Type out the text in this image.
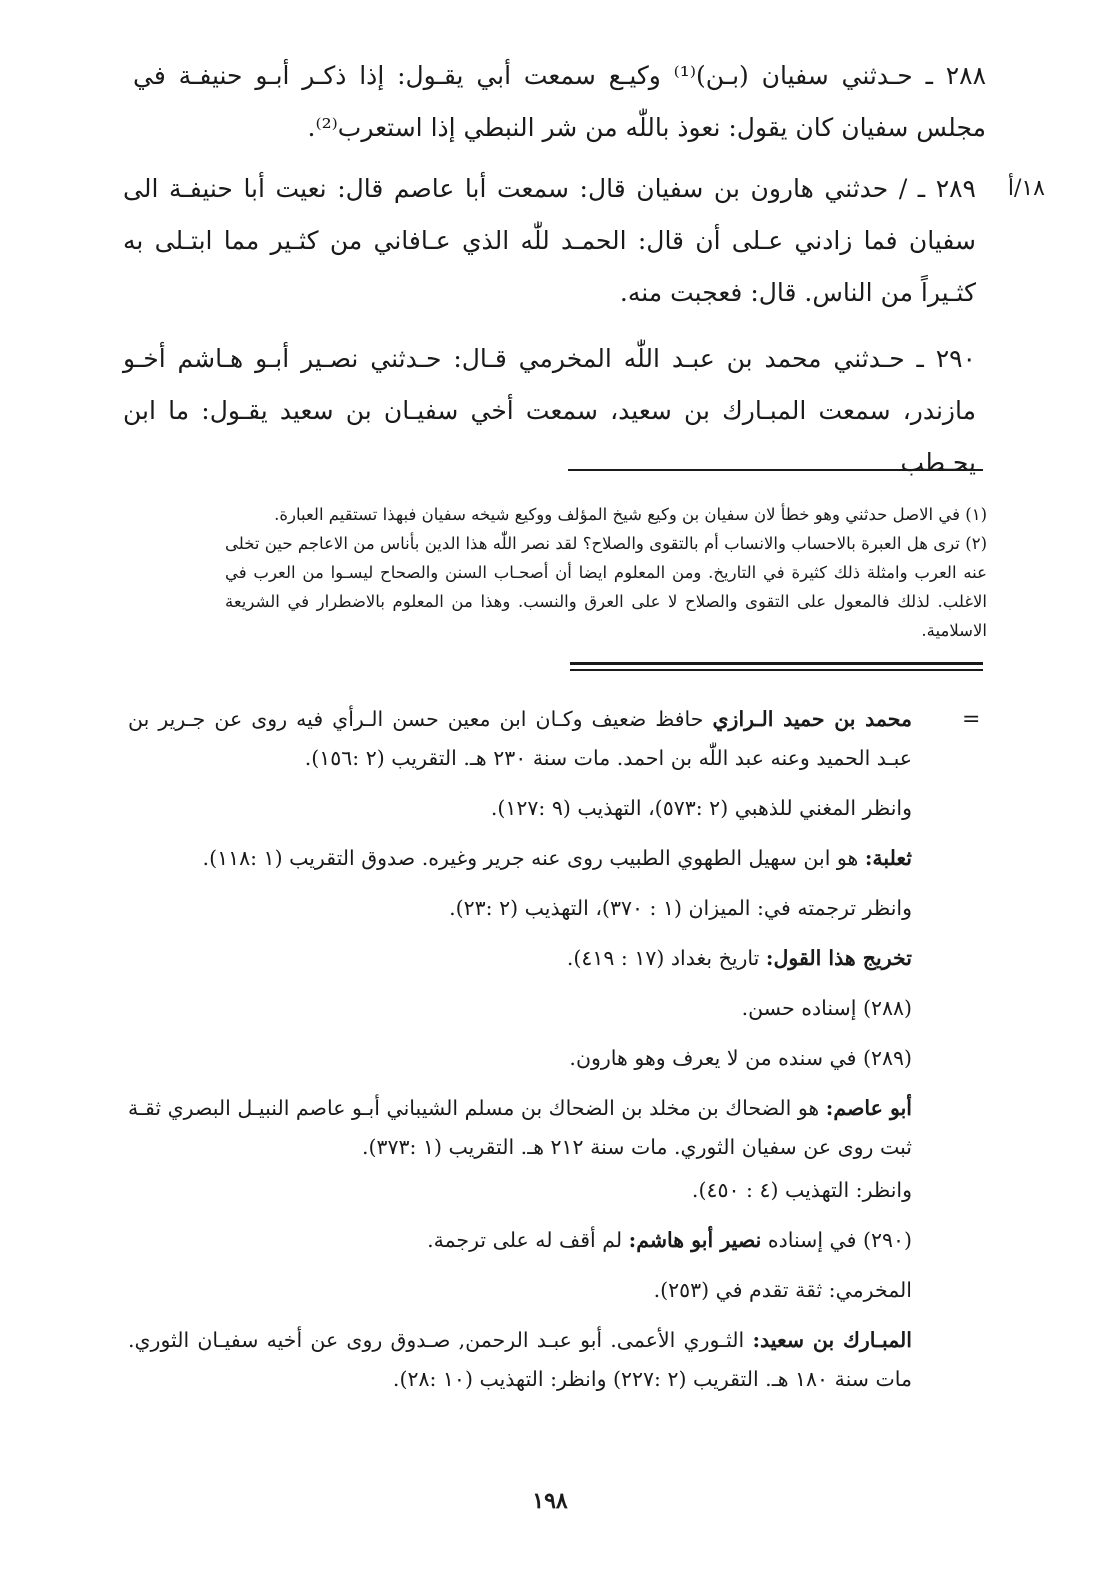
٢٨٨ ـ حـدثني سفيان (بـن)⁽¹⁾ وكيـع سمعت أبي يقـول: إذا ذكـر أبـو حنيفـة في مجلس سفيان كان يقول: نعوذ باللّٰه من شر النبطي إذا استعرب⁽²⁾.
١٨/أ
٢٨٩ ـ / حدثني هارون بن سفيان قال: سمعت أبا عاصم قال: نعيت أبا حنيفـة الى سفيان فما زادني عـلى أن قال: الحمـد للّٰه الذي عـافاني من كثـير مما ابتـلى به كثـيراً من الناس. قال: فعجبت منه.
٢٩٠ ـ حـدثني محمد بن عبـد اللّٰه المخرمي قـال: حـدثني نصـير أبـو هـاشم أخـو مازندر، سمعت المبـارك بن سعيد، سمعت أخي سفيـان بن سعيد يقـول: ما ابن يحـطب

(١) في الاصل حدثني وهو خطأ لان سفيان بن وكيع شيخ المؤلف ووكيع شيخه سفيان فبهذا تستقيم العبارة.

(٢) ترى هل العبرة بالاحساب والانساب أم بالتقوى والصلاح؟ لقد نصر اللّٰه هذا الدين بأناس من الاعاجم حين تخلى عنه العرب وامثلة ذلك كثيرة في التاريخ. ومن المعلوم ايضا أن أصحـاب السنن والصحاح ليسـوا من العرب في الاغلب. لذلك فالمعول على التقوى والصلاح لا على العرق والنسب. وهذا من المعلوم بالاضطرار في الشريعة الاسلامية.

=

محمد بن حميد الـرازي حافظ ضعيف وكـان ابن معين حسن الـرأي فيه روى عن جـرير بن عبـد الحميد وعنه عبد اللّٰه بن احمد. مات سنة ٢٣٠ هـ. التقريب (٢ :١٥٦).

وانظر المغني للذهبي (٢ :٥٧٣)، التهذيب (٩ :١٢٧).

ثعلبة: هو ابن سهيل الطهوي الطبيب روى عنه جرير وغيره. صدوق التقريب (١ :١١٨).

وانظر ترجمته في: الميزان (١ : ٣٧٠)، التهذيب (٢ :٢٣).

تخريج هذا القول: تاريخ بغداد (١٧ : ٤١٩).

(٢٨٨) إسناده حسن.

(٢٨٩) في سنده من لا يعرف وهو هارون.

أبو عاصم: هو الضحاك بن مخلد بن الضحاك بن مسلم الشيباني أبـو عاصم النبيـل البصري ثقـة ثبت روى عن سفيان الثوري. مات سنة ٢١٢ هـ. التقريب (١ :٣٧٣).

وانظر: التهذيب (٤ : ٤٥٠).

(٢٩٠) في إسناده نصير أبو هاشم: لم أقف له على ترجمة.

المخرمي: ثقة تقدم في (٢٥٣).

المبـارك بن سعيد: الثـوري الأعمى. أبو عبـد الرحمن, صـدوق روى عن أخيه سفيـان الثوري. مات سنة ١٨٠ هـ. التقريب (٢ :٢٢٧) وانظر: التهذيب (١٠ :٢٨).

١٩٨
